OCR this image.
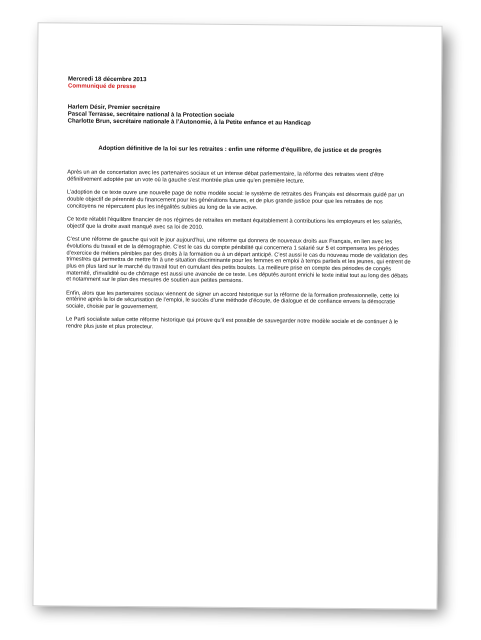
Mercredi 18 décembre 2013
Communiqué de presse
Harlem Désir, Premier secrétaire
Pascal Terrasse, secrétaire national à la Protection sociale
Charlotte Brun, secrétaire nationale à l’Autonomie, à la Petite enfance et au Handicap
Adoption définitive de la loi sur les retraites : enfin une réforme d'équilibre, de justice et de progrès

Après un an de concertation avec les partenaires sociaux et un intense débat parlementaire, la réforme des retraites vient d’être définitivement adoptée par un vote où la gauche s’est montrée plus unie qu’en première lecture.

L’adoption de ce texte ouvre une nouvelle page de notre modèle social: le système de retraites des Français est désormais guidé par un double objectif de pérennité du financement pour les générations futures, et de plus grande justice pour que les retraites de nos concitoyens ne répercutent plus les inégalités subies au long de la vie active.

Ce texte rétablit l’équilibre financier de nos régimes de retraites en mettant équitablement à contributions les employeurs et les salariés, objectif que la droite avait manqué avec sa loi de 2010.

C’est une réforme de gauche qui voit le jour aujourd’hui, une réforme qui donnera de nouveaux droits aux Français, en lien avec les évolutions du travail et de la démographie. C’est le cas du compte pénibilité qui concernera 1 salarié sur 5 et compensera les périodes d’exercice de métiers pénibles par des droits à la formation ou à un départ anticipé. C’est aussi le cas du nouveau mode de validation des trimestres qui permettra de mettre fin à une situation discriminante pour les femmes en emploi à temps partiels et les jeunes, qui entrent de plus en plus tard sur le marché du travail tout en cumulant des petits boulots. La meilleure prise en compte des périodes de congés maternité, d’invalidité ou de chômage est aussi une avancée de ce texte. Les députés auront enrichi le texte initial tout au long des débats et notamment sur le plan des mesures de soutien aux petites pensions.

Enfin, alors que les partenaires sociaux viennent de signer un accord historique sur la réforme de la formation professionnelle, cette loi entérine après la loi de sécurisation de l’emploi, le succès d’une méthode d’écoute, de dialogue et de confiance envers la démocratie sociale, choisie par le gouvernement.

Le Parti socialiste salue cette réforme historique qui prouve qu’il est possible de sauvegarder notre modèle sociale et de continuer à le rendre plus juste et plus protecteur.
